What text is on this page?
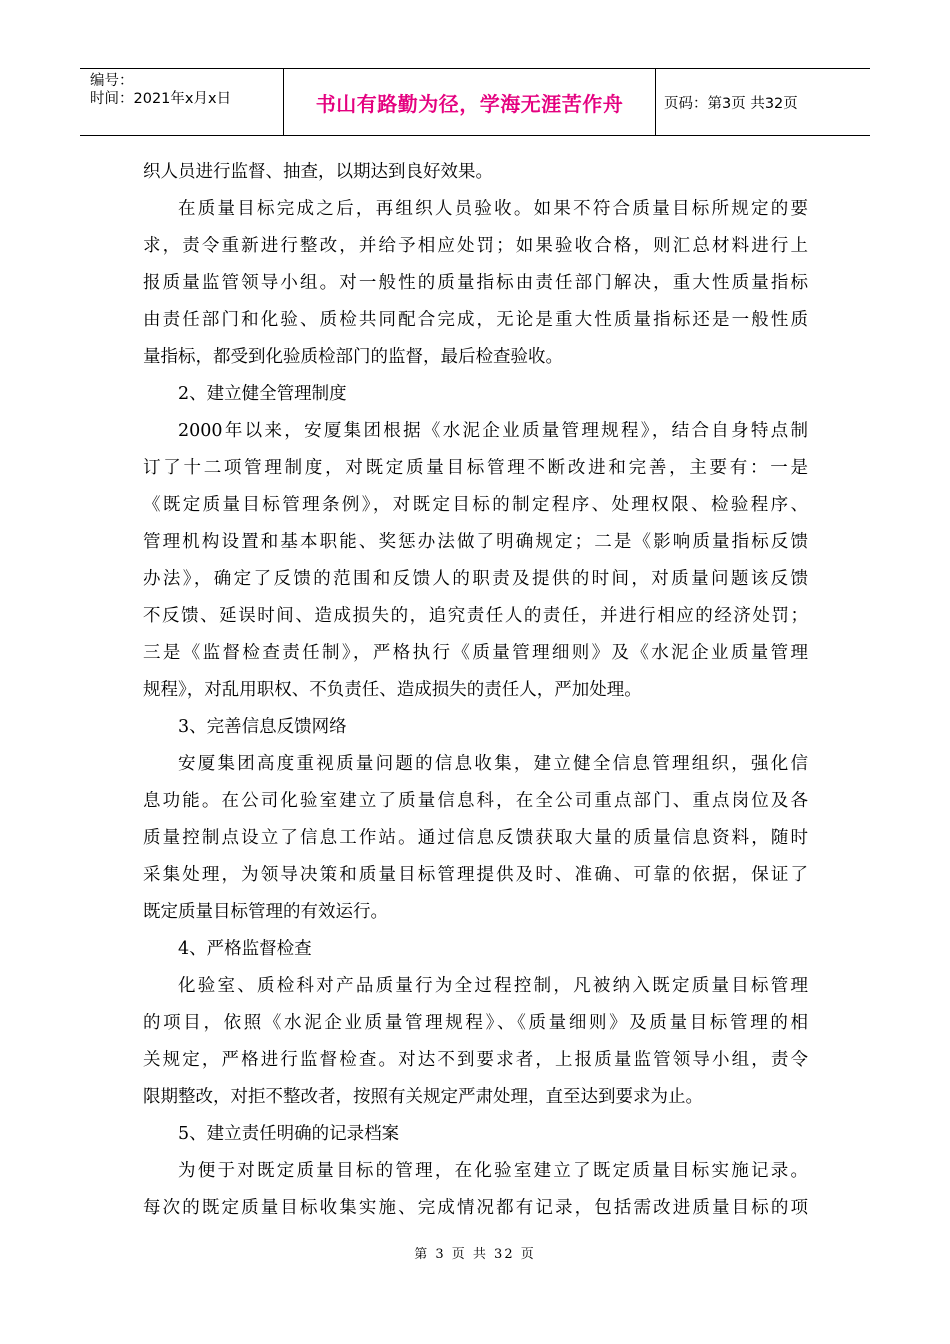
编号：
时间：2021年x月x日	书山有路勤为径，学海无涯苦作舟	页码：第3页 共32页
织人员进行监督、抽查，以期达到良好效果。
在质量目标完成之后，再组织人员验收。如果不符合质量目标所规定的要
求，责令重新进行整改，并给予相应处罚；如果验收合格，则汇总材料进行上
报质量监管领导小组。对一般性的质量指标由责任部门解决，重大性质量指标
由责任部门和化验、质检共同配合完成，无论是重大性质量指标还是一般性质
量指标，都受到化验质检部门的监督，最后检查验收。
2、建立健全管理制度
2000年以来，安厦集团根据《水泥企业质量管理规程》，结合自身特点制
订了十二项管理制度，对既定质量目标管理不断改进和完善，主要有：一是
《既定质量目标管理条例》，对既定目标的制定程序、处理权限、检验程序、
管理机构设置和基本职能、奖惩办法做了明确规定；二是《影响质量指标反馈
办法》，确定了反馈的范围和反馈人的职责及提供的时间，对质量问题该反馈
不反馈、延误时间、造成损失的，追究责任人的责任，并进行相应的经济处罚；
三是《监督检查责任制》，严格执行《质量管理细则》及《水泥企业质量管理
规程》，对乱用职权、不负责任、造成损失的责任人，严加处理。
3、完善信息反馈网络
安厦集团高度重视质量问题的信息收集，建立健全信息管理组织，强化信
息功能。在公司化验室建立了质量信息科，在全公司重点部门、重点岗位及各
质量控制点设立了信息工作站。通过信息反馈获取大量的质量信息资料，随时
采集处理，为领导决策和质量目标管理提供及时、准确、可靠的依据，保证了
既定质量目标管理的有效运行。
4、严格监督检查
化验室、质检科对产品质量行为全过程控制，凡被纳入既定质量目标管理
的项目，依照《水泥企业质量管理规程》、《质量细则》及质量目标管理的相
关规定，严格进行监督检查。对达不到要求者，上报质量监管领导小组，责令
限期整改，对拒不整改者，按照有关规定严肃处理，直至达到要求为止。
5、建立责任明确的记录档案
为便于对既定质量目标的管理，在化验室建立了既定质量目标实施记录。
每次的既定质量目标收集实施、完成情况都有记录，包括需改进质量目标的项
第 3 页 共 32 页
